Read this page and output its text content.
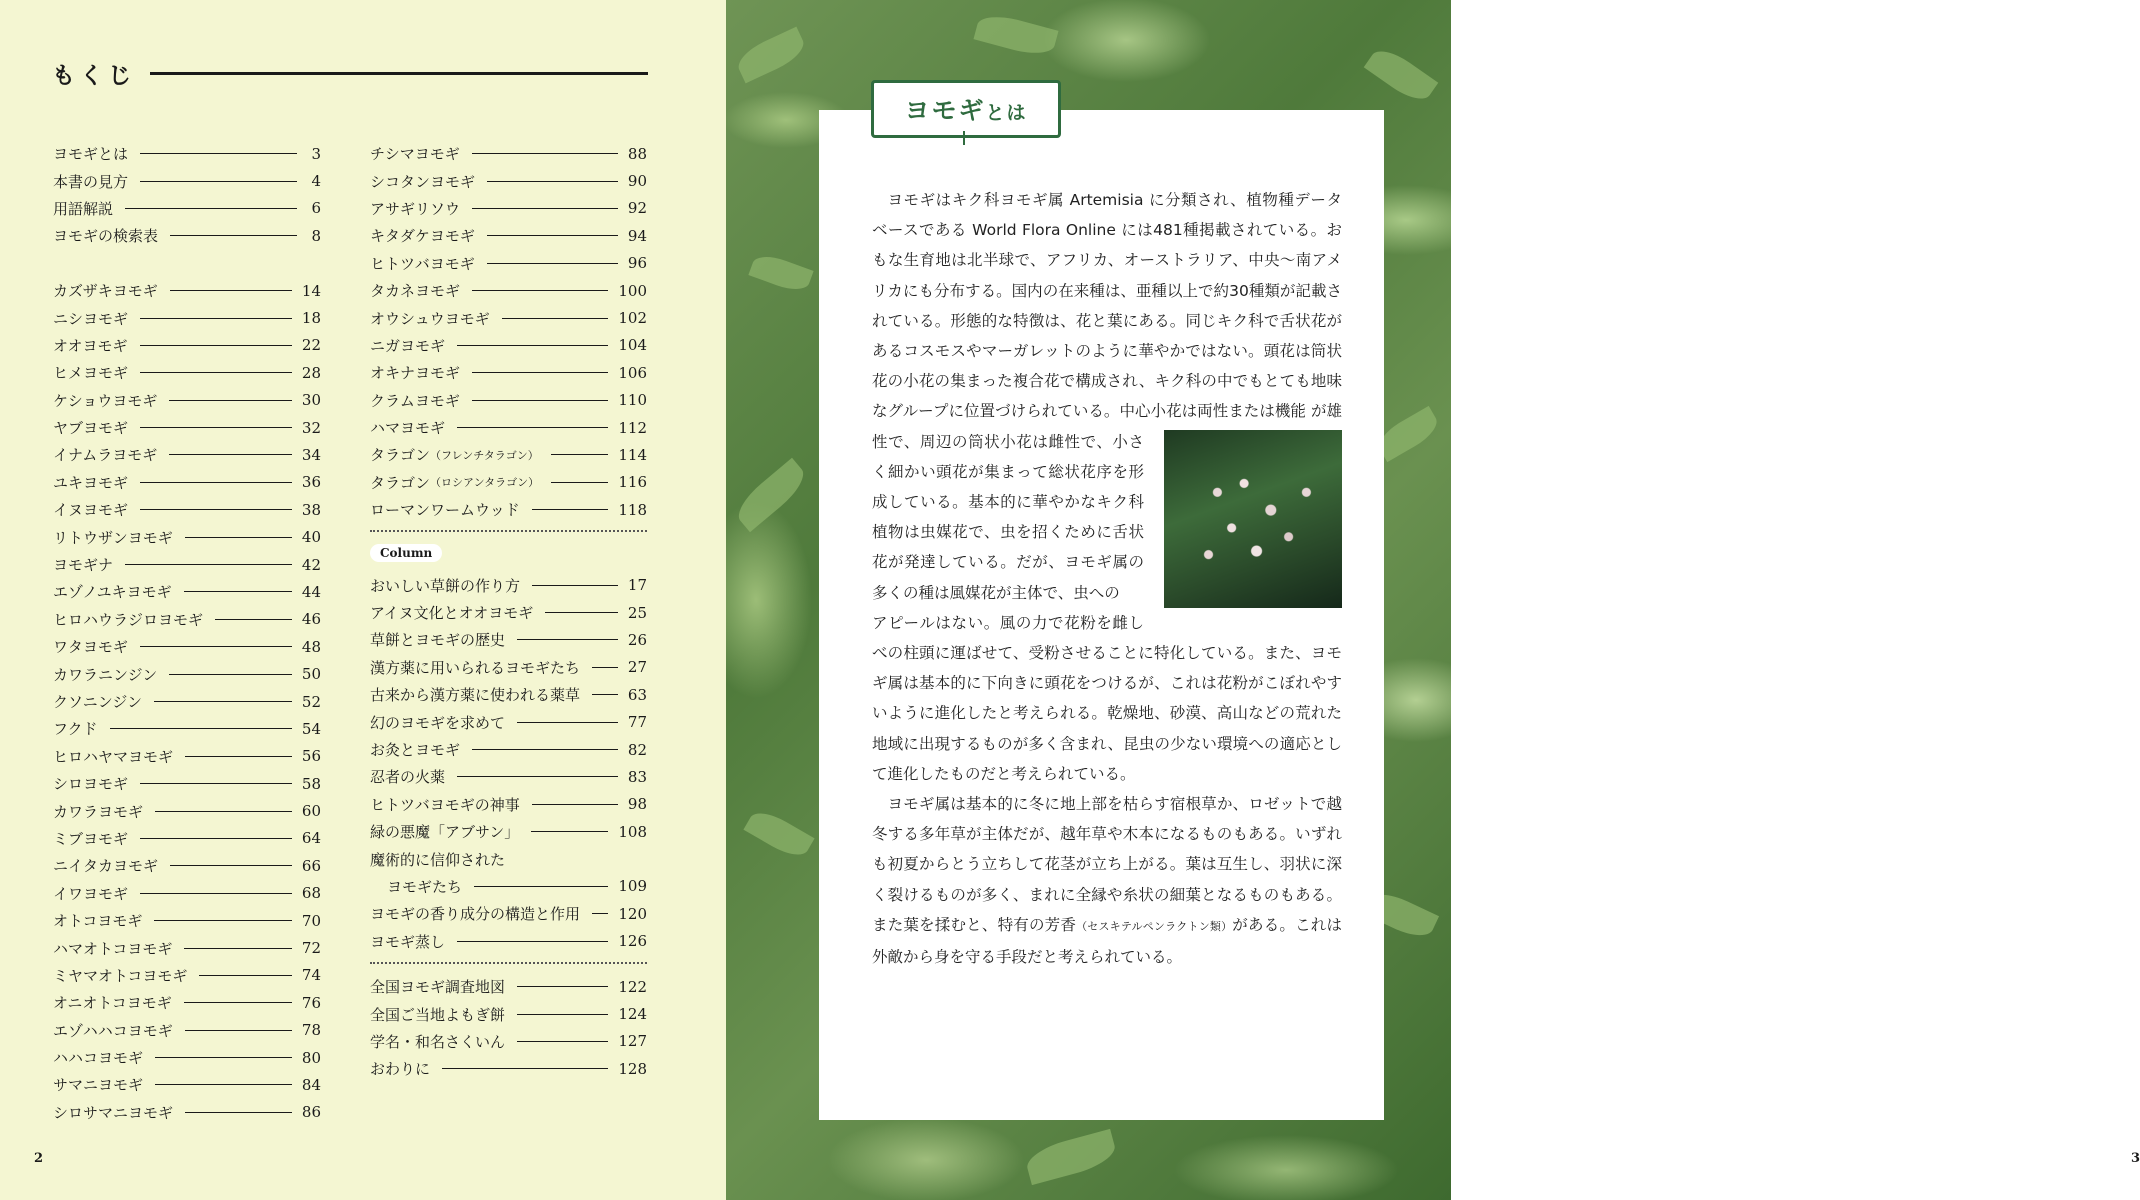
もくじ
ヨモギとは	3
本書の見方	4
用語解説	6
ヨモギの検索表	8
カズザキヨモギ	14
ニシヨモギ	18
オオヨモギ	22
ヒメヨモギ	28
ケショウヨモギ	30
ヤブヨモギ	32
イナムラヨモギ	34
ユキヨモギ	36
イヌヨモギ	38
リトウザンヨモギ	40
ヨモギナ	42
エゾノユキヨモギ	44
ヒロハウラジロヨモギ	46
ワタヨモギ	48
カワラニンジン	50
クソニンジン	52
フクド	54
ヒロハヤマヨモギ	56
シロヨモギ	58
カワラヨモギ	60
ミブヨモギ	64
ニイタカヨモギ	66
イワヨモギ	68
オトコヨモギ	70
ハマオトコヨモギ	72
ミヤマオトコヨモギ	74
オニオトコヨモギ	76
エゾハハコヨモギ	78
ハハコヨモギ	80
サマニヨモギ	84
シロサマニヨモギ	86
チシマヨモギ	88
シコタンヨモギ	90
アサギリソウ	92
キタダケヨモギ	94
ヒトツバヨモギ	96
タカネヨモギ	100
オウシュウヨモギ	102
ニガヨモギ	104
オキナヨモギ	106
クラムヨモギ	110
ハマヨモギ	112
タラゴン （フレンチタラゴン）	114
タラゴン （ロシアンタラゴン）	116
ローマンワームウッド	118
Column
おいしい草餅の作り方	17
アイヌ文化とオオヨモギ	25
草餅とヨモギの歴史	26
漢方薬に用いられるヨモギたち	27
古来から漢方薬に使われる薬草	63
幻のヨモギを求めて	77
お灸とヨモギ	82
忍者の火薬	83
ヒトツバヨモギの神事	98
緑の悪魔「アブサン」	108
魔術的に信仰された
ヨモギたち	109
ヨモギの香り成分の構造と作用	120
ヨモギ蒸し	126
全国ヨモギ調査地図	122
全国ご当地よもぎ餅	124
学名・和名さくいん	127
おわりに	128
2
ヨモギとは

ヨモギはキク科ヨモギ属 Artemisia に分類され、植物種データベースである World Flora Online には481種掲載されている。おもな生育地は北半球で、アフリカ、オーストラリア、中央～南アメリカにも分布する。国内の在来種は、亜種以上で約30種類が記載されている。形態的な特徴は、花と葉にある。同じキク科で舌状花があるコスモスやマーガレットのように華やかではない。頭花は筒状花の小花の集まった複合花で構成され、キク科の中でもとても地味なグループに位置づけられている。中心小花は両性または機能 が雄性で、周辺の筒状小花は雌性で、小さく細かい頭花が集まって総状花序を形成している。基本的に華やかなキク科植物は虫媒花で、虫を招くために舌状花が発達している。だが、ヨモギ属の多くの種は風媒花が主体で、虫への
アピールはない。風の力で花粉を雌しべの柱頭に運ばせて、受粉させることに特化している。また、ヨモギ属は基本的に下向きに頭花をつけるが、これは花粉がこぼれやすいように進化したと考えられる。乾燥地、砂漠、高山などの荒れた地域に出現するものが多く含まれ、昆虫の少ない環境への適応として進化したものだと考えられている。

ヨモギ属は基本的に冬に地上部を枯らす宿根草か、ロゼットで越冬する多年草が主体だが、越年草や木本になるものもある。いずれも初夏からとう立ちして花茎が立ち上がる。葉は互生し、羽状に深く裂けるものが多く、まれに全縁や糸状の細葉となるものもある。また葉を揉むと、特有の芳香（セスキテルペンラクトン類）がある。これは外敵から身を守る手段だと考えられている。

3
